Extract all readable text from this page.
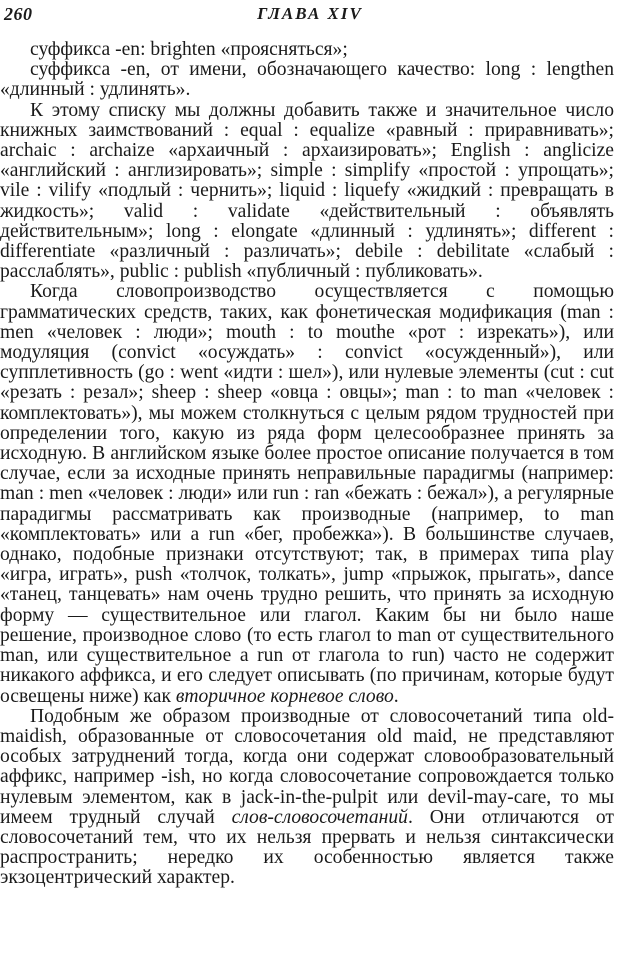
260	ГЛАВА XIV

суффикса -en: brighten «проясняться»;

суффикса -en, от имени, обозначающего качество: long : lengthen «длинный : удлинять».

К этому списку мы должны добавить также и значительное число книжных заимствований : equal : equalize «равный : приравнивать»; archaic : archaize «архаичный : архаизировать»; English : anglicize «английский : англизировать»; simple : simplify «простой : упрощать»; vile : vilify «подлый : чернить»; liquid : liquefy «жидкий : превращать в жидкость»; valid : validate «действительный : объявлять действительным»; long : elongate «длинный : удлинять»; different : differentiate «различный : различать»; debile : debilitate «слабый : расслаблять», public : publish «публичный : публиковать».

Когда словопроизводство осуществляется с помощью грамматических средств, таких, как фонетическая модификация (man : men «человек : люди»; mouth : to mouthe «рот : изрекать»), или модуляция (convict «осуждать» : convict «осужденный»), или супплетивность (go : went «идти : шел»), или нулевые элементы (cut : cut «резать : резал»; sheep : sheep «овца : овцы»; man : to man «человек : комплектовать»), мы можем столкнуться с целым рядом трудностей при определении того, какую из ряда форм целесообразнее принять за исходную. В английском языке более простое описание получается в том случае, если за исходные принять неправильные парадигмы (например: man : men «человек : люди» или run : ran «бежать : бежал»), а регулярные парадигмы рассматривать как производные (например, to man «комплектовать» или a run «бег, пробежка»). В большинстве случаев, однако, подобные признаки отсутствуют; так, в примерах типа play «игра, играть», push «толчок, толкать», jump «прыжок, прыгать», dance «танец, танцевать» нам очень трудно решить, что принять за исходную форму — существительное или глагол. Каким бы ни было наше решение, производное слово (то есть глагол to man от существительного man, или существительное a run от глагола to run) часто не содержит никакого аффикса, и его следует описывать (по причинам, которые будут освещены ниже) как вторичное корневое слово.

Подобным же образом производные от словосочетаний типа old-maidish, образованные от словосочетания old maid, не представляют особых затруднений тогда, когда они содержат словообразовательный аффикс, например -ish, но когда словосочетание сопровождается только нулевым элементом, как в jack-in-the-pulpit или devil-may-care, то мы имеем трудный случай слов-словосочетаний. Они отличаются от словосочетаний тем, что их нельзя прервать и нельзя синтаксически распространить; нередко их особенностью является также экзоцентрический характер.
